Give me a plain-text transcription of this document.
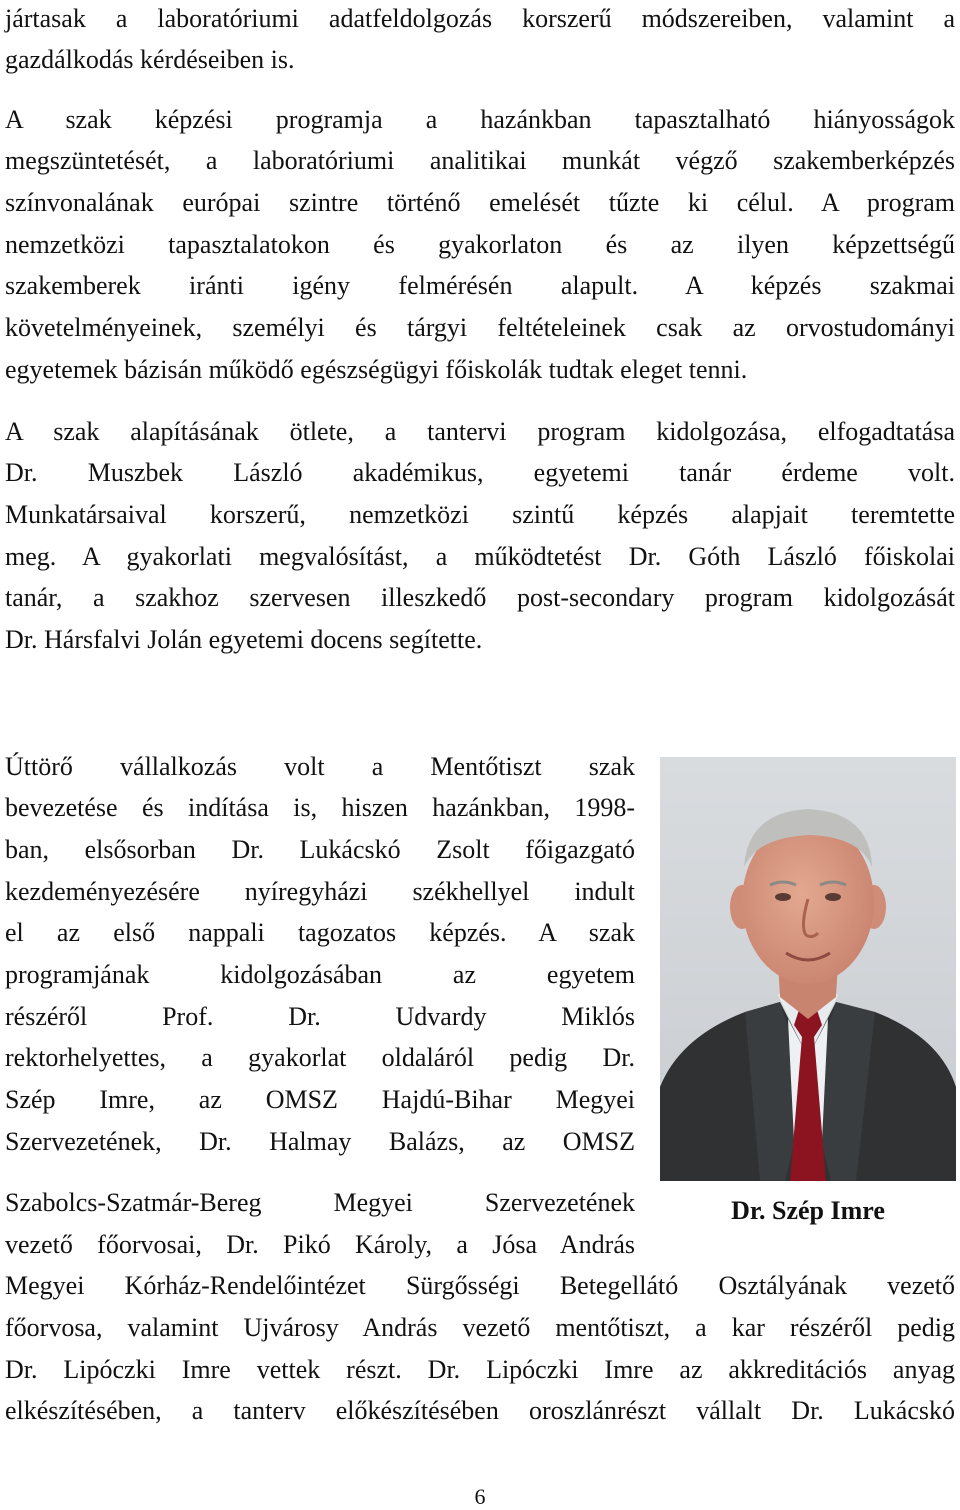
jártasak a laboratóriumi adatfeldolgozás korszerű módszereiben, valamint a
gazdálkodás kérdéseiben is.
A szak képzési programja a hazánkban tapasztalható hiányosságok
megszüntetését, a laboratóriumi analitikai munkát végző szakemberképzés
színvonalának európai szintre történő emelését tűzte ki célul. A program
nemzetközi tapasztalatokon és gyakorlaton és az ilyen képzettségű
szakemberek iránti igény felmérésén alapult. A képzés szakmai
követelményeinek, személyi és tárgyi feltételeinek csak az orvostudományi
egyetemek bázisán működő egészségügyi főiskolák tudtak eleget tenni.
A szak alapításának ötlete, a tantervi program kidolgozása, elfogadtatása
Dr. Muszbek László akadémikus, egyetemi tanár érdeme volt.
Munkatársaival korszerű, nemzetközi szintű képzés alapjait teremtette
meg. A gyakorlati megvalósítást, a működtetést Dr. Góth László főiskolai
tanár, a szakhoz szervesen illeszkedő post-secondary program kidolgozását
Dr. Hársfalvi Jolán egyetemi docens segítette.
Úttörő vállalkozás volt a Mentőtiszt szak
bevezetése és indítása is, hiszen hazánkban, 1998-
ban, elsősorban Dr. Lukácskó Zsolt főigazgató
kezdeményezésére nyíregyházi székhellyel indult
el az első nappali tagozatos képzés. A szak
programjának kidolgozásában az egyetem
részéről Prof. Dr. Udvardy Miklós
rektorhelyettes, a gyakorlat oldaláról pedig Dr.
Szép Imre, az OMSZ Hajdú-Bihar Megyei
Szervezetének, Dr. Halmay Balázs, az OMSZ
Szabolcs-Szatmár-Bereg Megyei Szervezetének
vezető főorvosai, Dr. Pikó Károly, a Jósa András
Megyei Kórház-Rendelőintézet Sürgősségi Betegellátó Osztályának vezető
főorvosa, valamint Ujvárosy András vezető mentőtiszt, a kar részéről pedig
Dr. Lipóczki Imre vettek részt. Dr. Lipóczki Imre az akkreditációs anyag
elkészítésében, a tanterv előkészítésében oroszlánrészt vállalt Dr. Lukácskó
Dr. Szép Imre
6
